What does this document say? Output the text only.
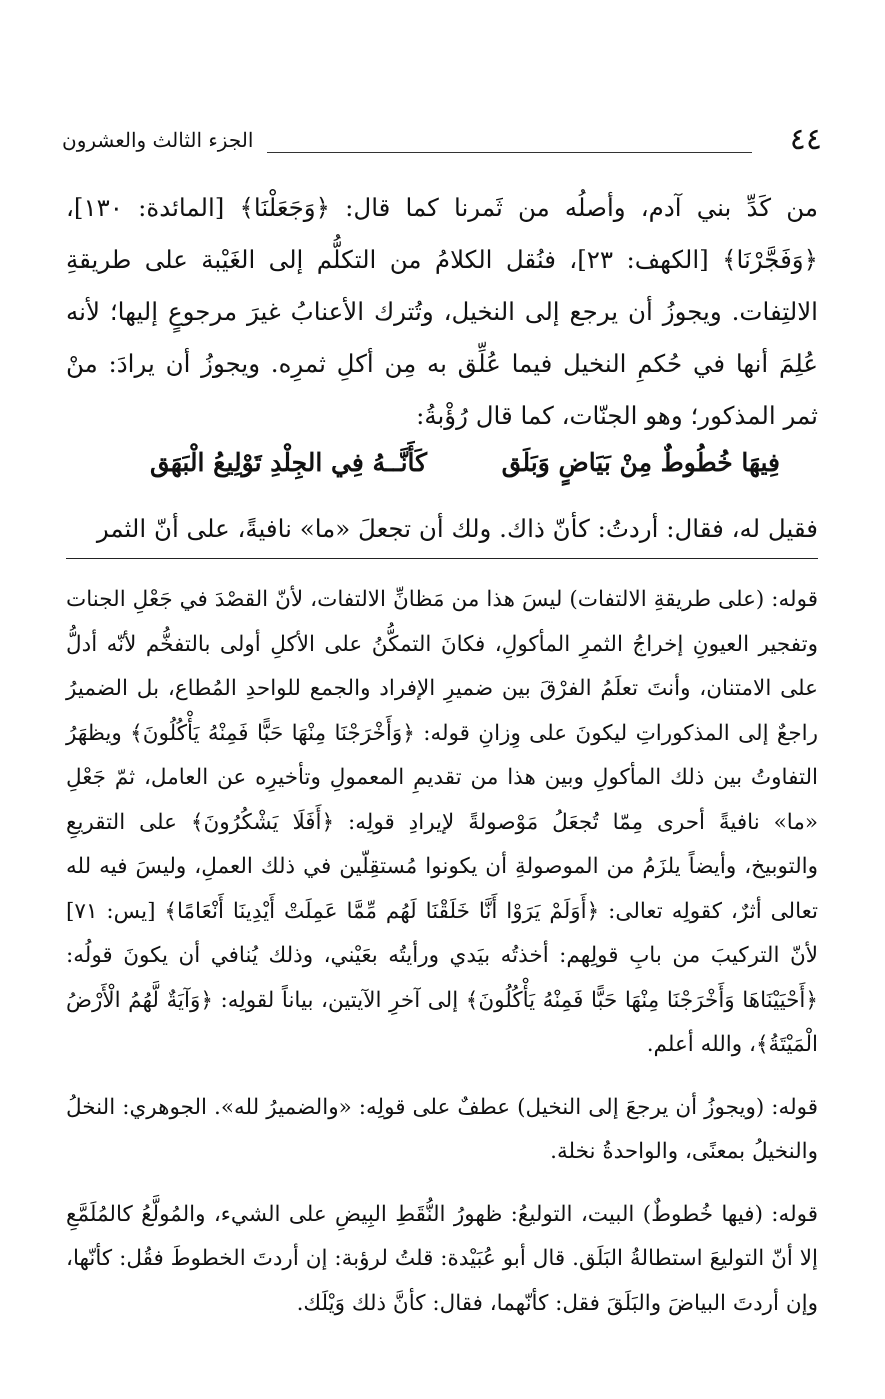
٤٤
الجزء الثالث والعشرون

من كَدِّ بني آدم، وأصلُه من ثَمرنا كما قال: ﴿وَجَعَلْنَا﴾ [المائدة: ١٣٠]، ﴿وَفَجَّرْنَا﴾ [الكهف: ٢٣]، فنُقل الكلامُ من التكلُّم إلى الغَيْبة على طريقةِ الالتِفات. ويجوزُ أن يرجع إلى النخيل، وتُترك الأعنابُ غيرَ مرجوعٍ إليها؛ لأنه عُلِمَ أنها في حُكمِ النخيل فيما عُلِّق به مِن أكلِ ثمرِه. ويجوزُ أن يرادَ: منْ ثمر المذكور؛ وهو الجنّات، كما قال رُؤْبةُ:

فِيهَا خُطُوطٌ مِنْ بَيَاضٍ وَبَلَق
كَأَنَّــهُ فِي الجِلْدِ تَوْلِيعُ الْبَهَق
فقيل له، فقال: أردتُ: كأنّ ذاك. ولك أن تجعلَ «ما» نافيةً، على أنّ الثمر

قوله: (على طريقةِ الالتفات) ليسَ هذا من مَظانِّ الالتفات، لأنّ القصْدَ في جَعْلِ الجنات وتفجير العيونِ إخراجُ الثمرِ المأكولِ، فكانَ التمكُّنُ على الأكلِ أولى بالتفخُّم لأنّه أدلُّ على الامتنان، وأنتَ تعلَمُ الفرْقَ بين ضميرِ الإفراد والجمع للواحدِ المُطاع، بل الضميرُ راجعٌ إلى المذكوراتِ ليكونَ على وِزانِ قوله: ﴿وَأَخْرَجْنَا مِنْهَا حَبًّا فَمِنْهُ يَأْكُلُونَ﴾ ويظهَرُ التفاوتُ بين ذلك المأكولِ وبين هذا من تقديمِ المعمولِ وتأخيرِه عن العامل، ثمّ جَعْلِ «ما» نافيةً أحرى مِمّا تُجعَلُ مَوْصولةً لإيرادِ قولِه: ﴿أَفَلَا يَشْكُرُونَ﴾ على التقريعِ والتوبيخ، وأيضاً يلزَمُ من الموصولةِ أن يكونوا مُستقِلّين في ذلك العملِ، وليسَ فيه لله تعالى أثرٌ، كقولِه تعالى: ﴿أَوَلَمْ يَرَوْا أَنَّا خَلَقْنَا لَهُم مِّمَّا عَمِلَتْ أَيْدِينَا أَنْعَامًا﴾ [يس: ٧١] لأنّ التركيبَ من بابِ قولِهم: أخذتُه بيَدي ورأيتُه بعَيْني، وذلك يُنافي أن يكونَ قولُه: ﴿أَحْيَيْنَاهَا وَأَخْرَجْنَا مِنْهَا حَبًّا فَمِنْهُ يَأْكُلُونَ﴾ إلى آخرِ الآيتين، بياناً لقولِه: ﴿وَآيَةٌ لَّهُمُ الْأَرْضُ الْمَيْتَةُ﴾، والله أعلم.

قوله: (ويجوزُ أن يرجعَ إلى النخيل) عطفٌ على قولِه: «والضميرُ لله». الجوهري: النخلُ والنخيلُ بمعنًى، والواحدةُ نخلة.

قوله: (فيها خُطوطٌ) البيت، التوليعُ: ظهورُ النُّقَطِ البِيضِ على الشيء، والمُولَّعُ كالمُلَمَّعِ إلا أنّ التوليعَ استطالةُ البَلَق. قال أبو عُبَيْدة: قلتُ لرؤبة: إن أردتَ الخطوطَ فقُل: كأنّها، وإن أردتَ البياضَ والبَلَقَ فقل: كأنّهما، فقال: كأنَّ ذلك وَيْلَك.
